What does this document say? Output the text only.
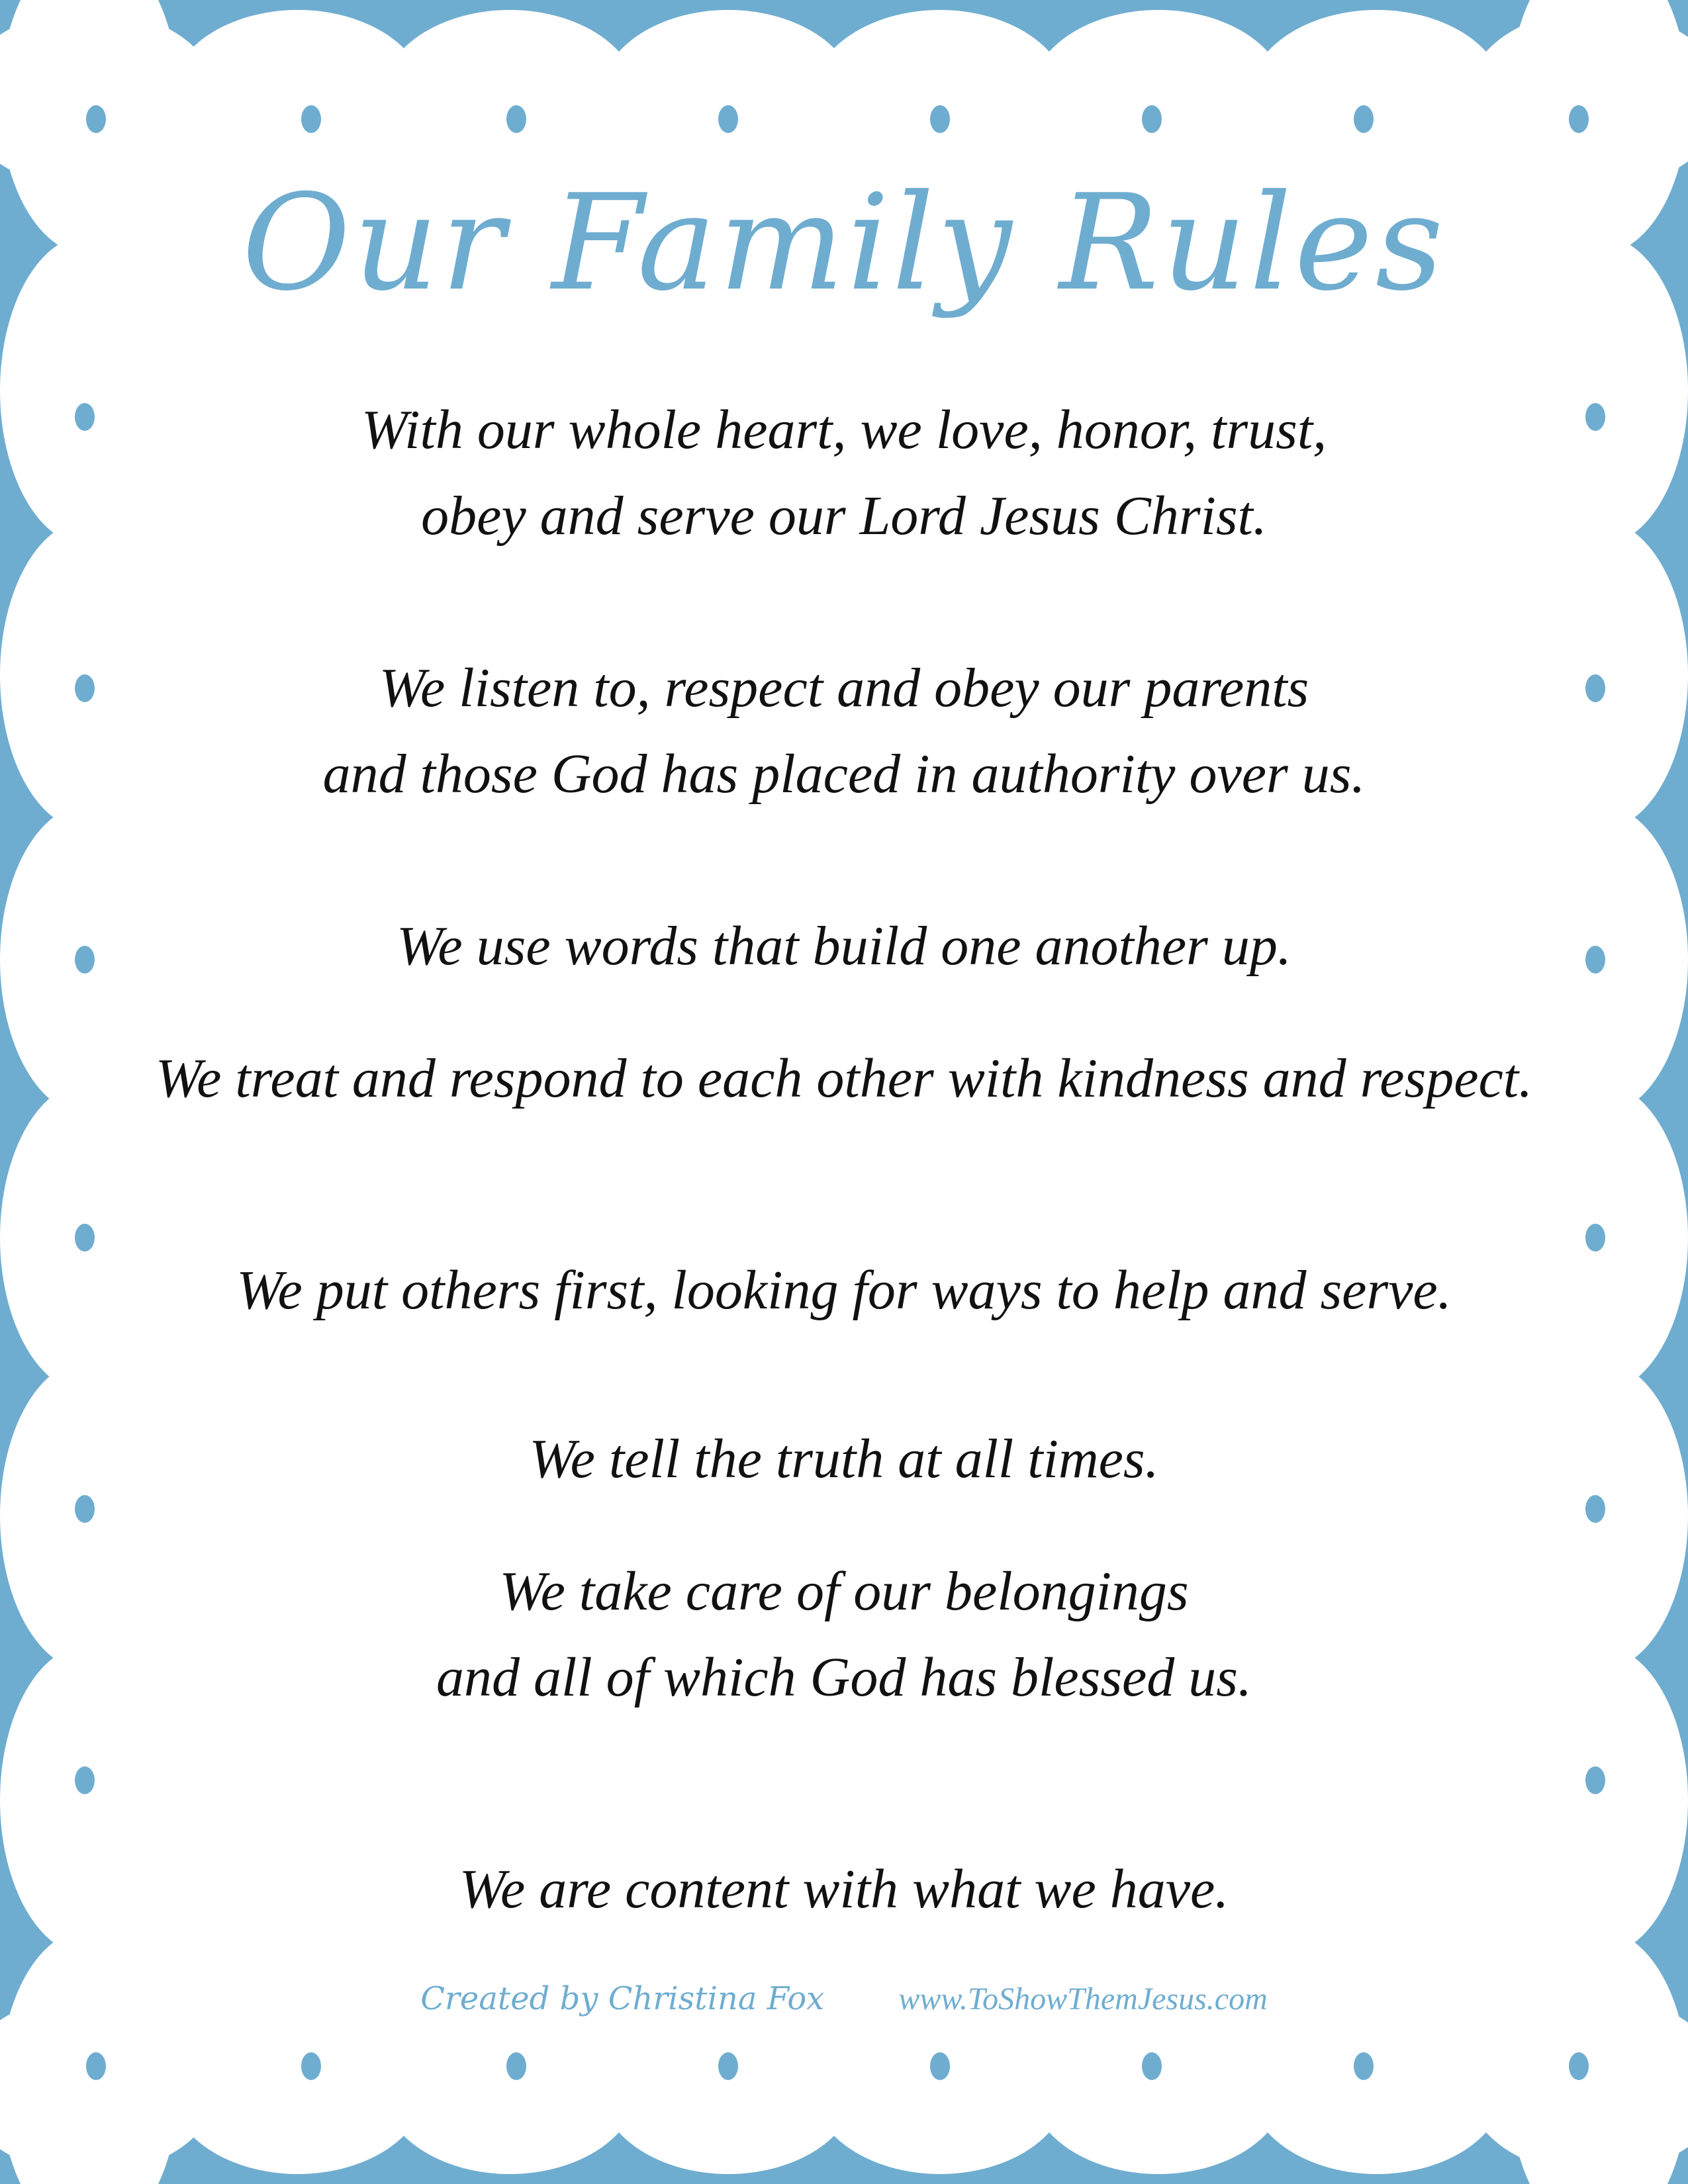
Our Family Rules

With our whole heart, we love, honor, trust,
obey and serve our Lord Jesus Christ.

We listen to, respect and obey our parents
and those God has placed in authority over us.

We use words that build one another up.

We treat and respond to each other with kindness and respect.

We put others first, looking for ways to help and serve.

We tell the truth at all times.

We take care of our belongings
and all of which God has blessed us.

We are content with what we have.

Created by Christina Fox www.ToShowThemJesus.com
